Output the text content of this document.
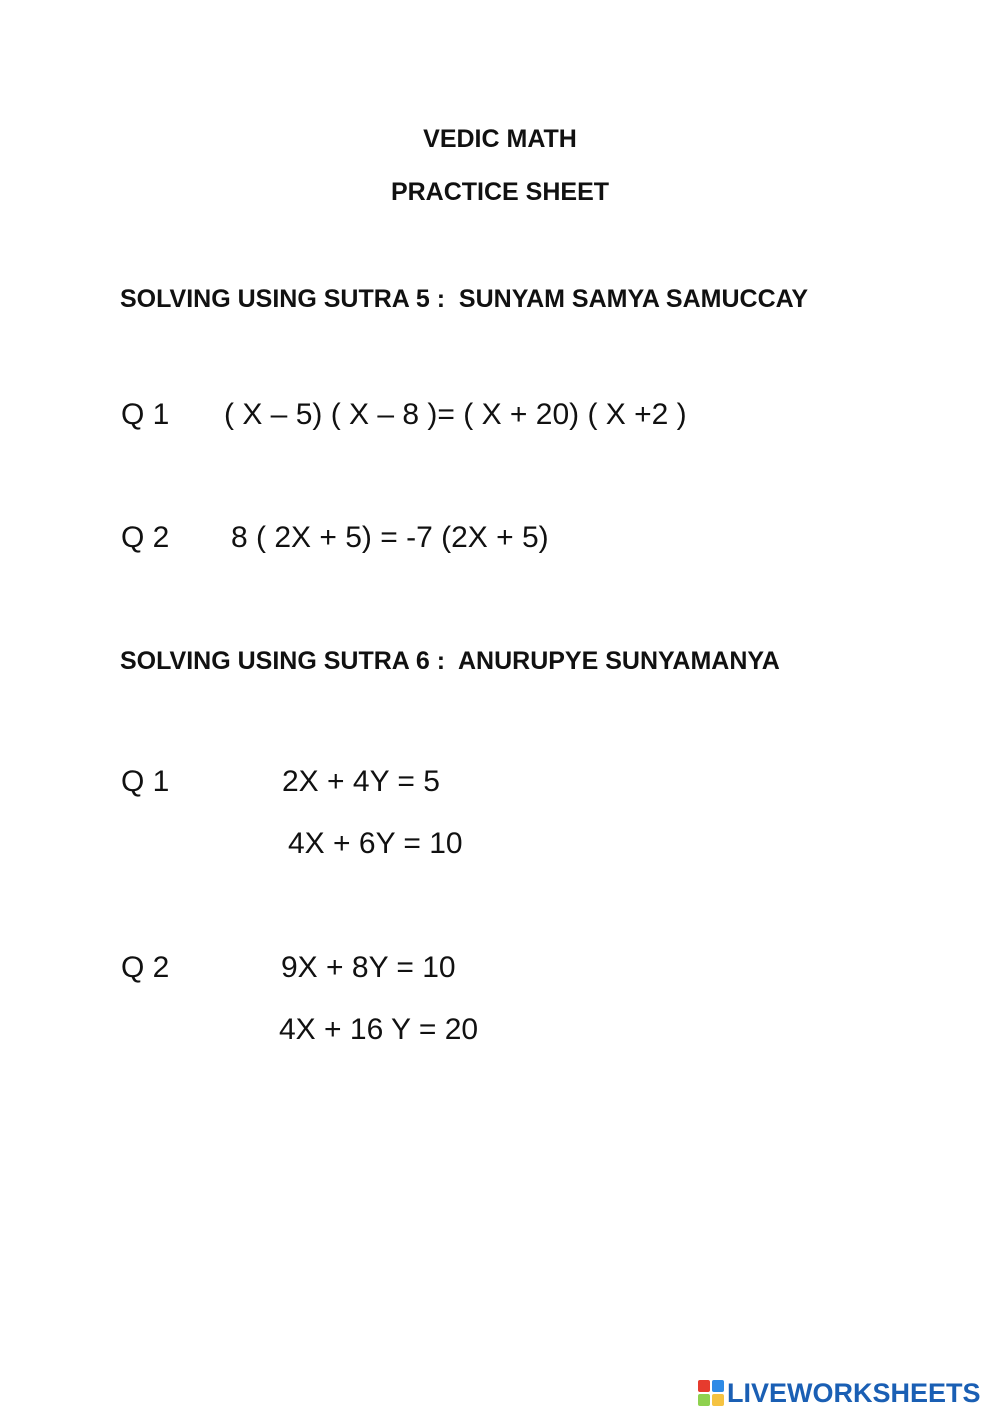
VEDIC MATH
PRACTICE SHEET
SOLVING USING SUTRA 5 :  SUNYAM SAMYA SAMUCCAY
Q 1 ( X – 5) ( X – 8 )= ( X + 20) ( X +2 )
Q 2 8 ( 2X + 5) = -7 (2X + 5)
SOLVING USING SUTRA 6 :  ANURUPYE SUNYAMANYA
Q 1	2X + 4Y = 5
4X + 6Y = 10
Q 2	9X + 8Y = 10
4X + 16 Y = 20
LIVEWORKSHEETS
